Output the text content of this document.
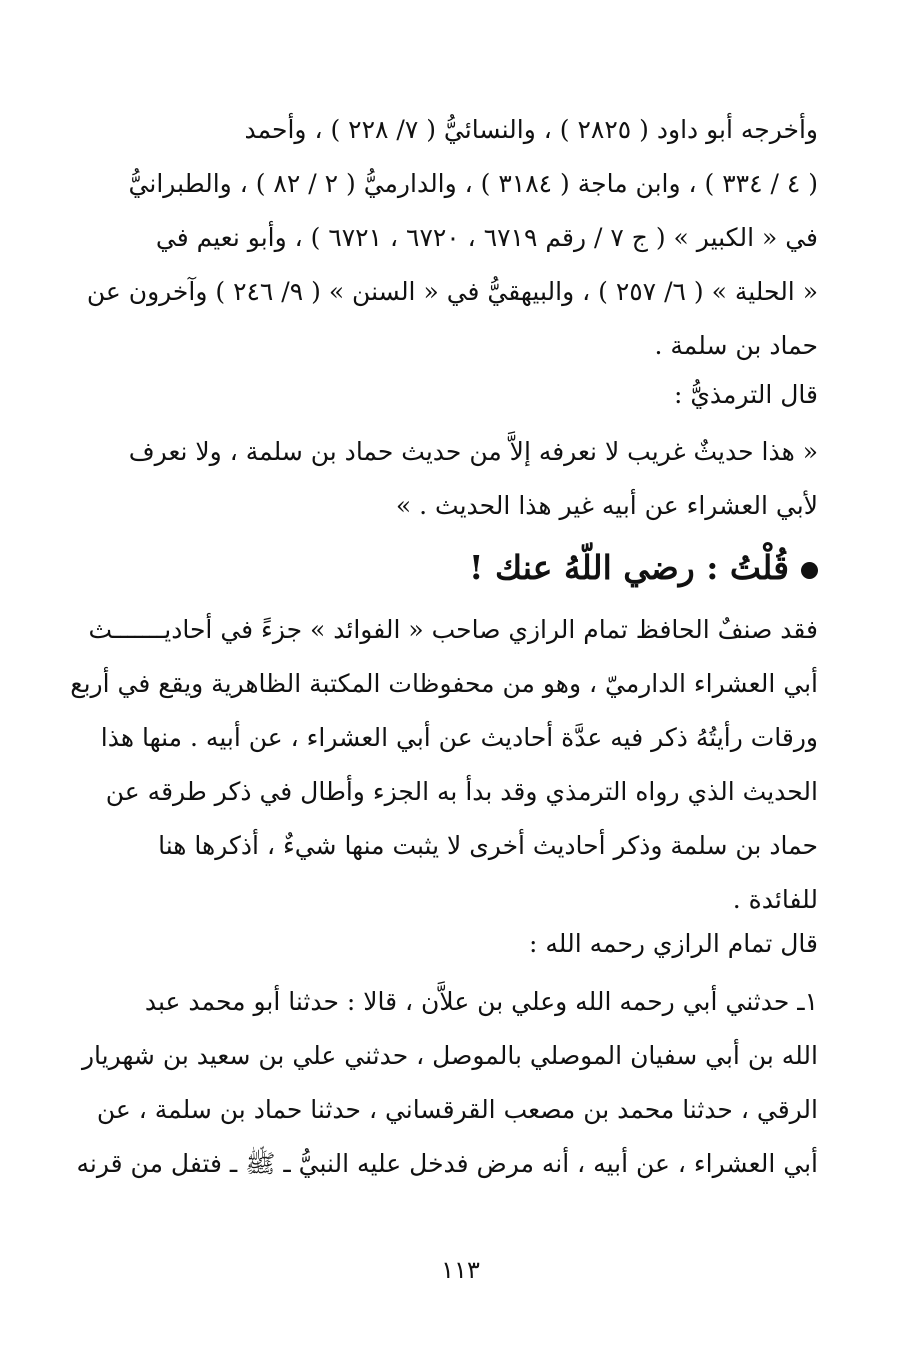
وأخرجه أبو داود ( ٢٨٢٥ ) ، والنسائيُّ ( ٧/ ٢٢٨ ) ، وأحمد
( ٤ / ٣٣٤ ) ، وابن ماجة ( ٣١٨٤ ) ، والدارميُّ ( ٢ / ٨٢ ) ، والطبرانيُّ
في « الكبير » ( ج ٧ / رقم ٦٧١٩ ، ٦٧٢٠ ، ٦٧٢١ ) ، وأبو نعيم في
« الحلية » ( ٦/ ٢٥٧ ) ، والبيهقيُّ في « السنن » ( ٩/ ٢٤٦ ) وآخرون عن
حماد بن سلمة .
قال الترمذيُّ :
« هذا حديثٌ غريب لا نعرفه إلاَّ من حديث حماد بن سلمة ، ولا نعرف
لأبي العشراء عن أبيه غير هذا الحديث . »
قُلْتُ : رضي اللّهُ عنك !
فقد صنفٌ الحافظ تمام الرازي صاحب « الفوائد » جزءً في أحاديـــــــث
أبي العشراء الدارميّ ، وهو من محفوظات المكتبة الظاهرية ويقع في أربع
ورقات رأيتُهُ ذكر فيه عدَّة أحاديث عن أبي العشراء ، عن أبيه . منها هذا
الحديث الذي رواه الترمذي وقد بدأ به الجزء وأطال في ذكر طرقه عن
حماد بن سلمة وذكر أحاديث أخرى لا يثبت منها شيءٌ ، أذكرها هنا
للفائدة .
قال تمام الرازي رحمه الله :
١ـ حدثني أبي رحمه الله وعلي بن علاَّن ، قالا : حدثنا أبو محمد عبد
الله بن أبي سفيان الموصلي بالموصل ، حدثني علي بن سعيد بن شهريار
الرقي ، حدثنا محمد بن مصعب القرقساني ، حدثنا حماد بن سلمة ، عن
أبي العشراء ، عن أبيه ، أنه مرض فدخل عليه النبيُّ ـ ﷺ ـ فتفل من قرنه
١١٣
